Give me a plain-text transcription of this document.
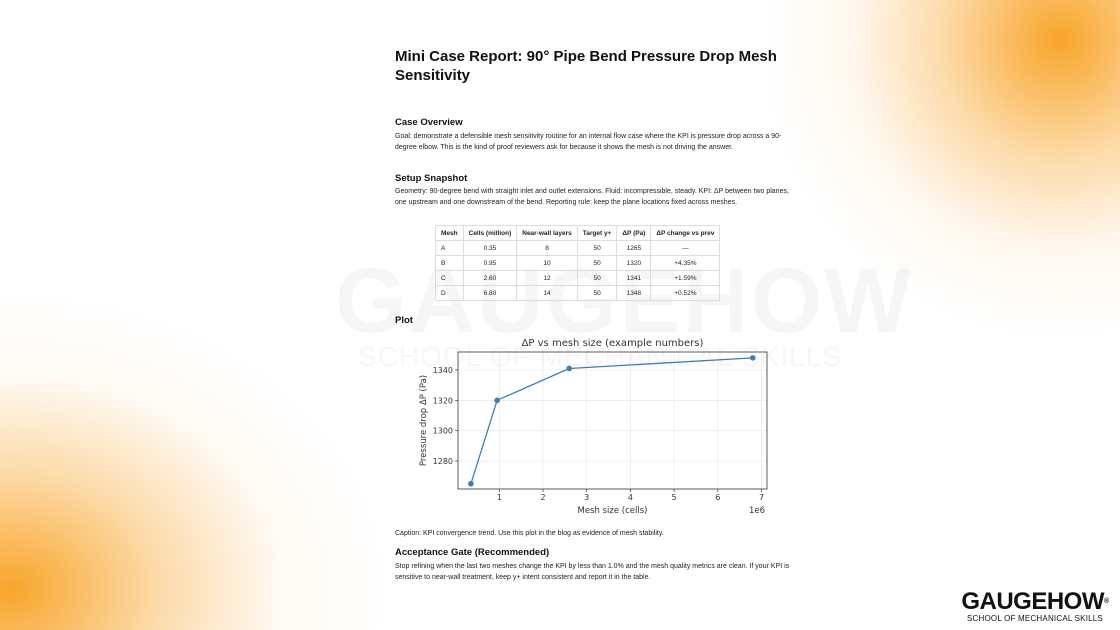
Mini Case Report: 90° Pipe Bend Pressure Drop Mesh Sensitivity
Case Overview

Goal: demonstrate a defensible mesh sensitivity routine for an internal flow case where the KPI is pressure drop across a 90-degree elbow. This is the kind of proof reviewers ask for because it shows the mesh is not driving the answer.

Setup Snapshot

Geometry: 90-degree bend with straight inlet and outlet extensions. Fluid: incompressible, steady. KPI: ΔP between two planes, one upstream and one downstream of the bend. Reporting rule: keep the plane locations fixed across meshes.

Mesh	Cells (million)	Near-wall layers	Target y+	ΔP (Pa)	ΔP change vs prev
A	0.35	8	50	1265	—
B	0.95	10	50	1320	+4.35%
C	2.60	12	50	1341	+1.59%
D	6.80	14	50	1348	+0.52%
Plot

Caption: KPI convergence trend. Use this plot in the blog as evidence of mesh stability.

Acceptance Gate (Recommended)

Stop refining when the last two meshes change the KPI by less than 1.0% and the mesh quality metrics are clean. If your KPI is sensitive to near-wall treatment, keep y+ intent consistent and report it in the table.

1	2	3	4	5	6	7
1280
1300
1320
1340
ΔP vs mesh size (example numbers)
Mesh size (cells)	1e6
Pressure drop ΔP (Pa)
GAUGEHOW®
SCHOOL OF MECHANICAL SKILLS
